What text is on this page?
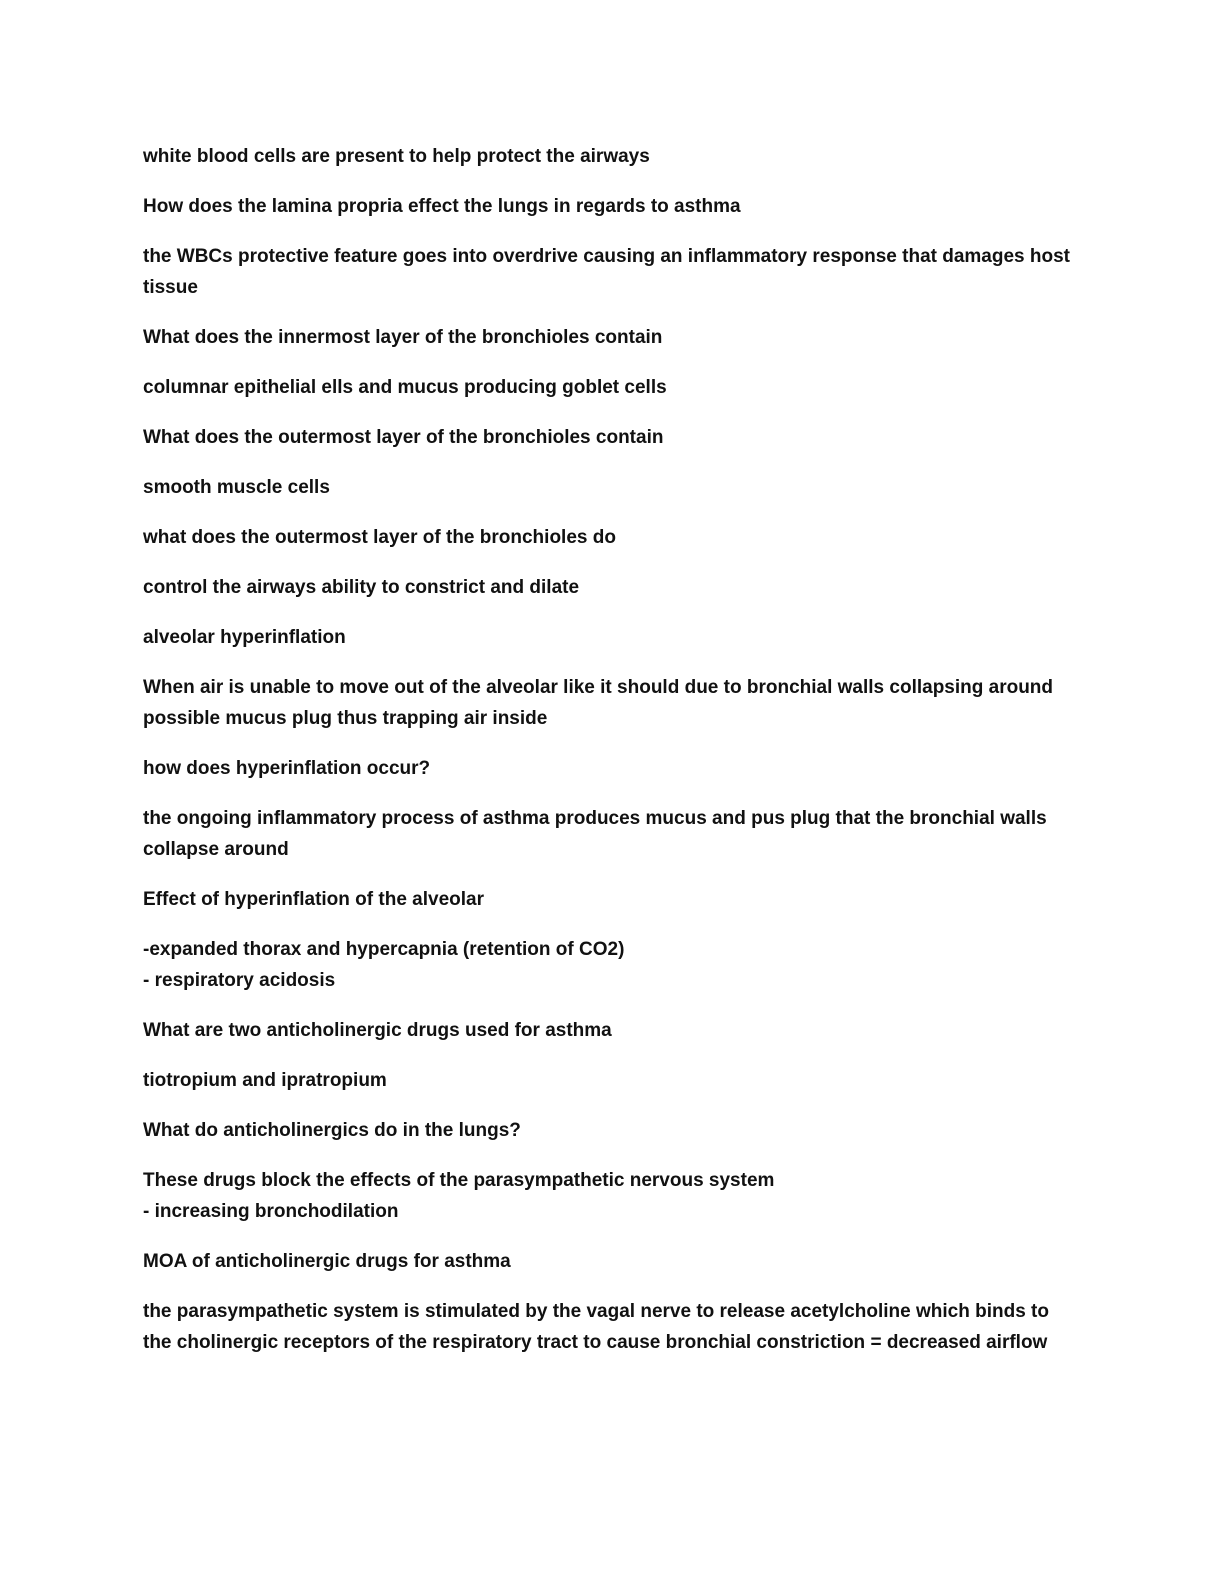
white blood cells are present to help protect the airways

How does the lamina propria effect the lungs in regards to asthma

the WBCs protective feature goes into overdrive causing an inflammatory response that damages host
tissue

What does the innermost layer of the bronchioles contain

columnar epithelial ells and mucus producing goblet cells

What does the outermost layer of the bronchioles contain

smooth muscle cells

what does the outermost layer of the bronchioles do

control the airways ability to constrict and dilate

alveolar hyperinflation

When air is unable to move out of the alveolar like it should due to bronchial walls collapsing around
possible mucus plug thus trapping air inside

how does hyperinflation occur?

the ongoing inflammatory process of asthma produces mucus and pus plug that the bronchial walls
collapse around

Effect of hyperinflation of the alveolar

-expanded thorax and hypercapnia (retention of CO2)
- respiratory acidosis

What are two anticholinergic drugs used for asthma

tiotropium and ipratropium

What do anticholinergics do in the lungs?

These drugs block the effects of the parasympathetic nervous system
- increasing bronchodilation

MOA of anticholinergic drugs for asthma

the parasympathetic system is stimulated by the vagal nerve to release acetylcholine which binds to
the cholinergic receptors of the respiratory tract to cause bronchial constriction = decreased airflow
